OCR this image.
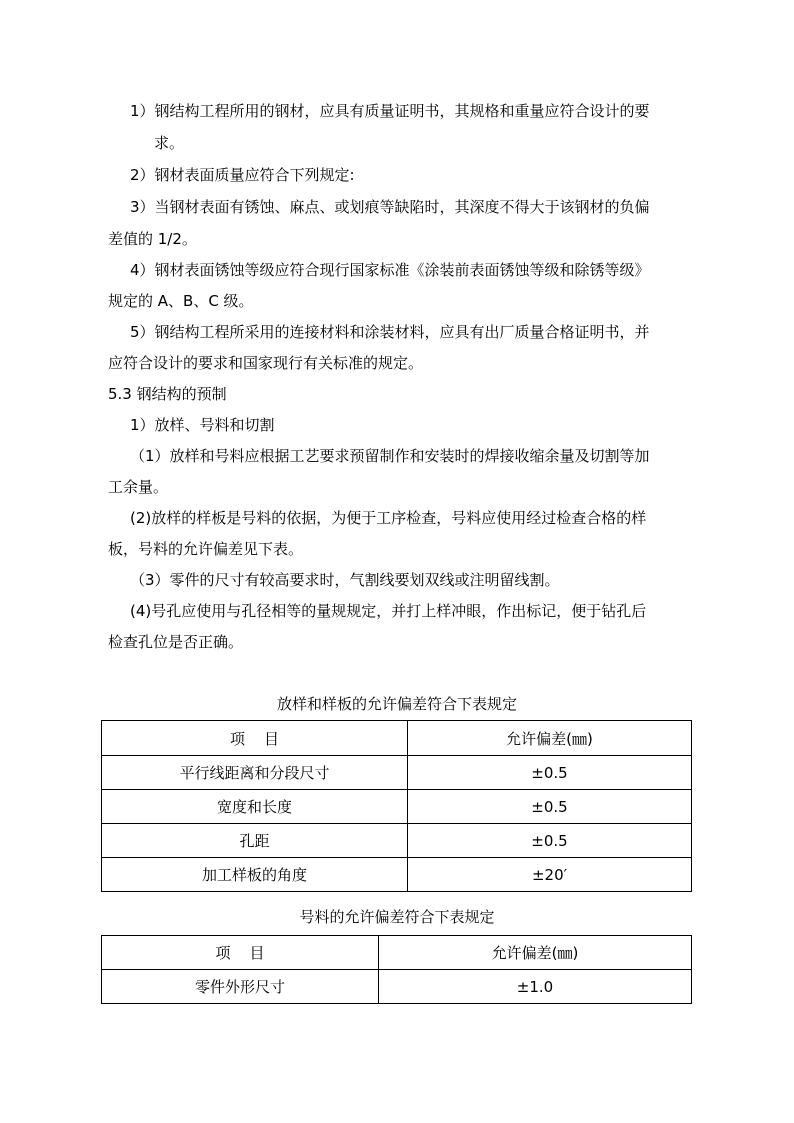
1）钢结构工程所用的钢材，应具有质量证明书，其规格和重量应符合设计的要
求。
2）钢材表面质量应符合下列规定:
3）当钢材表面有锈蚀、麻点、或划痕等缺陷时，其深度不得大于该钢材的负偏
差值的 1/2。
4）钢材表面锈蚀等级应符合现行国家标准《涂装前表面锈蚀等级和除锈等级》
规定的 A、B、C 级。
5）钢结构工程所采用的连接材料和涂装材料，应具有出厂质量合格证明书，并
应符合设计的要求和国家现行有关标准的规定。
5.3 钢结构的预制
1）放样、号料和切割
（1）放样和号料应根据工艺要求预留制作和安装时的焊接收缩余量及切割等加
工余量。
(2)放样的样板是号料的依据，为便于工序检查，号料应使用经过检查合格的样
板，号料的允许偏差见下表。
（3）零件的尺寸有较高要求时，气割线要划双线或注明留线割。
(4)号孔应使用与孔径相等的量规规定，并打上样冲眼，作出标记，便于钻孔后
检查孔位是否正确。
放样和样板的允许偏差符合下表规定
项    目	允许偏差(㎜)
平行线距离和分段尺寸	±0.5
宽度和长度	±0.5
孔距	±0.5
加工样板的角度	±20′
号料的允许偏差符合下表规定
项    目	允许偏差(㎜)
零件外形尺寸	±1.0
